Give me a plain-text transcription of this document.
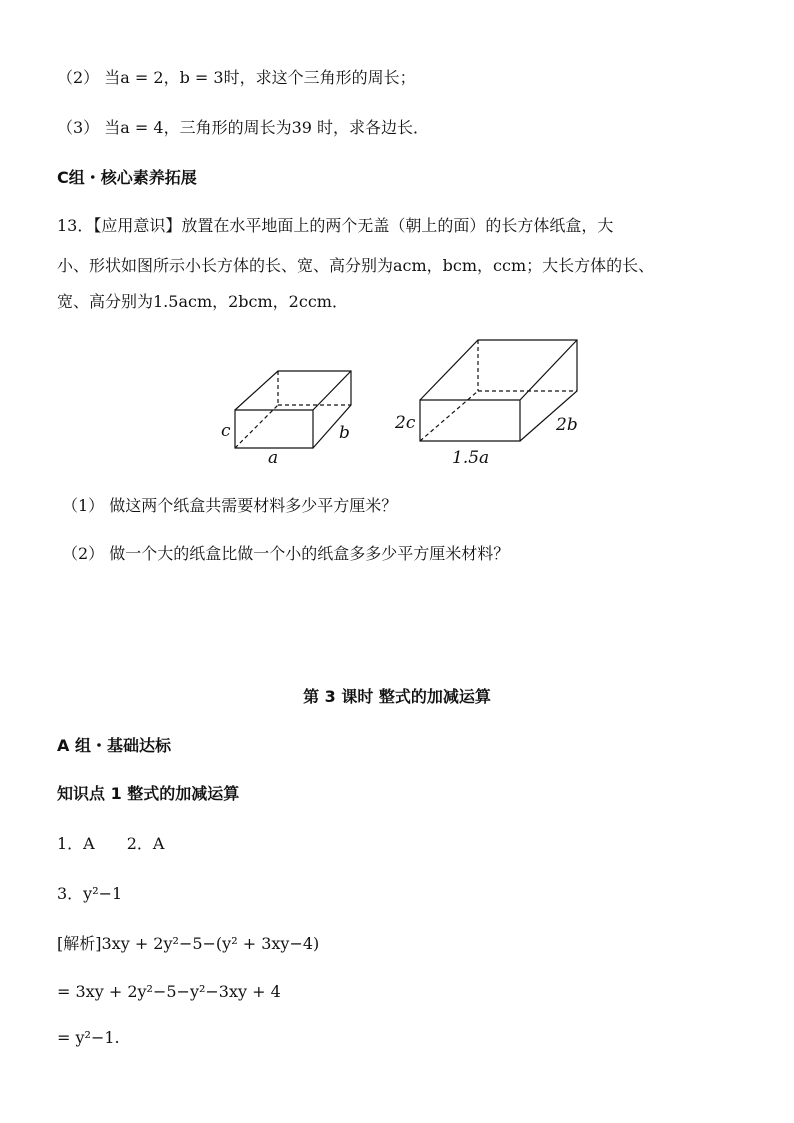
（2） 当a = 2，b = 3时，求这个三角形的周长；
（3） 当a = 4，三角形的周长为39 时，求各边长．
C组・核心素养拓展
13．【应用意识】放置在水平地面上的两个无盖（朝上的面）的长方体纸盒，大
小、形状如图所示小长方体的长、宽、高分别为acm，bcm，ccm；大长方体的长、
宽、高分别为1.5acm，2bcm，2ccm．
c	b
a
2c	2b
1.5a
（1） 做这两个纸盒共需要材料多少平方厘米？
（2） 做一个大的纸盒比做一个小的纸盒多多少平方厘米材料？
第 3 课时 整式的加减运算
A 组・基础达标
知识点 1 整式的加减运算
1．A　　2．A
3．y²−1
[解析]3xy + 2y²−5−(y² + 3xy−4)
= 3xy + 2y²−5−y²−3xy + 4
= y²−1.
